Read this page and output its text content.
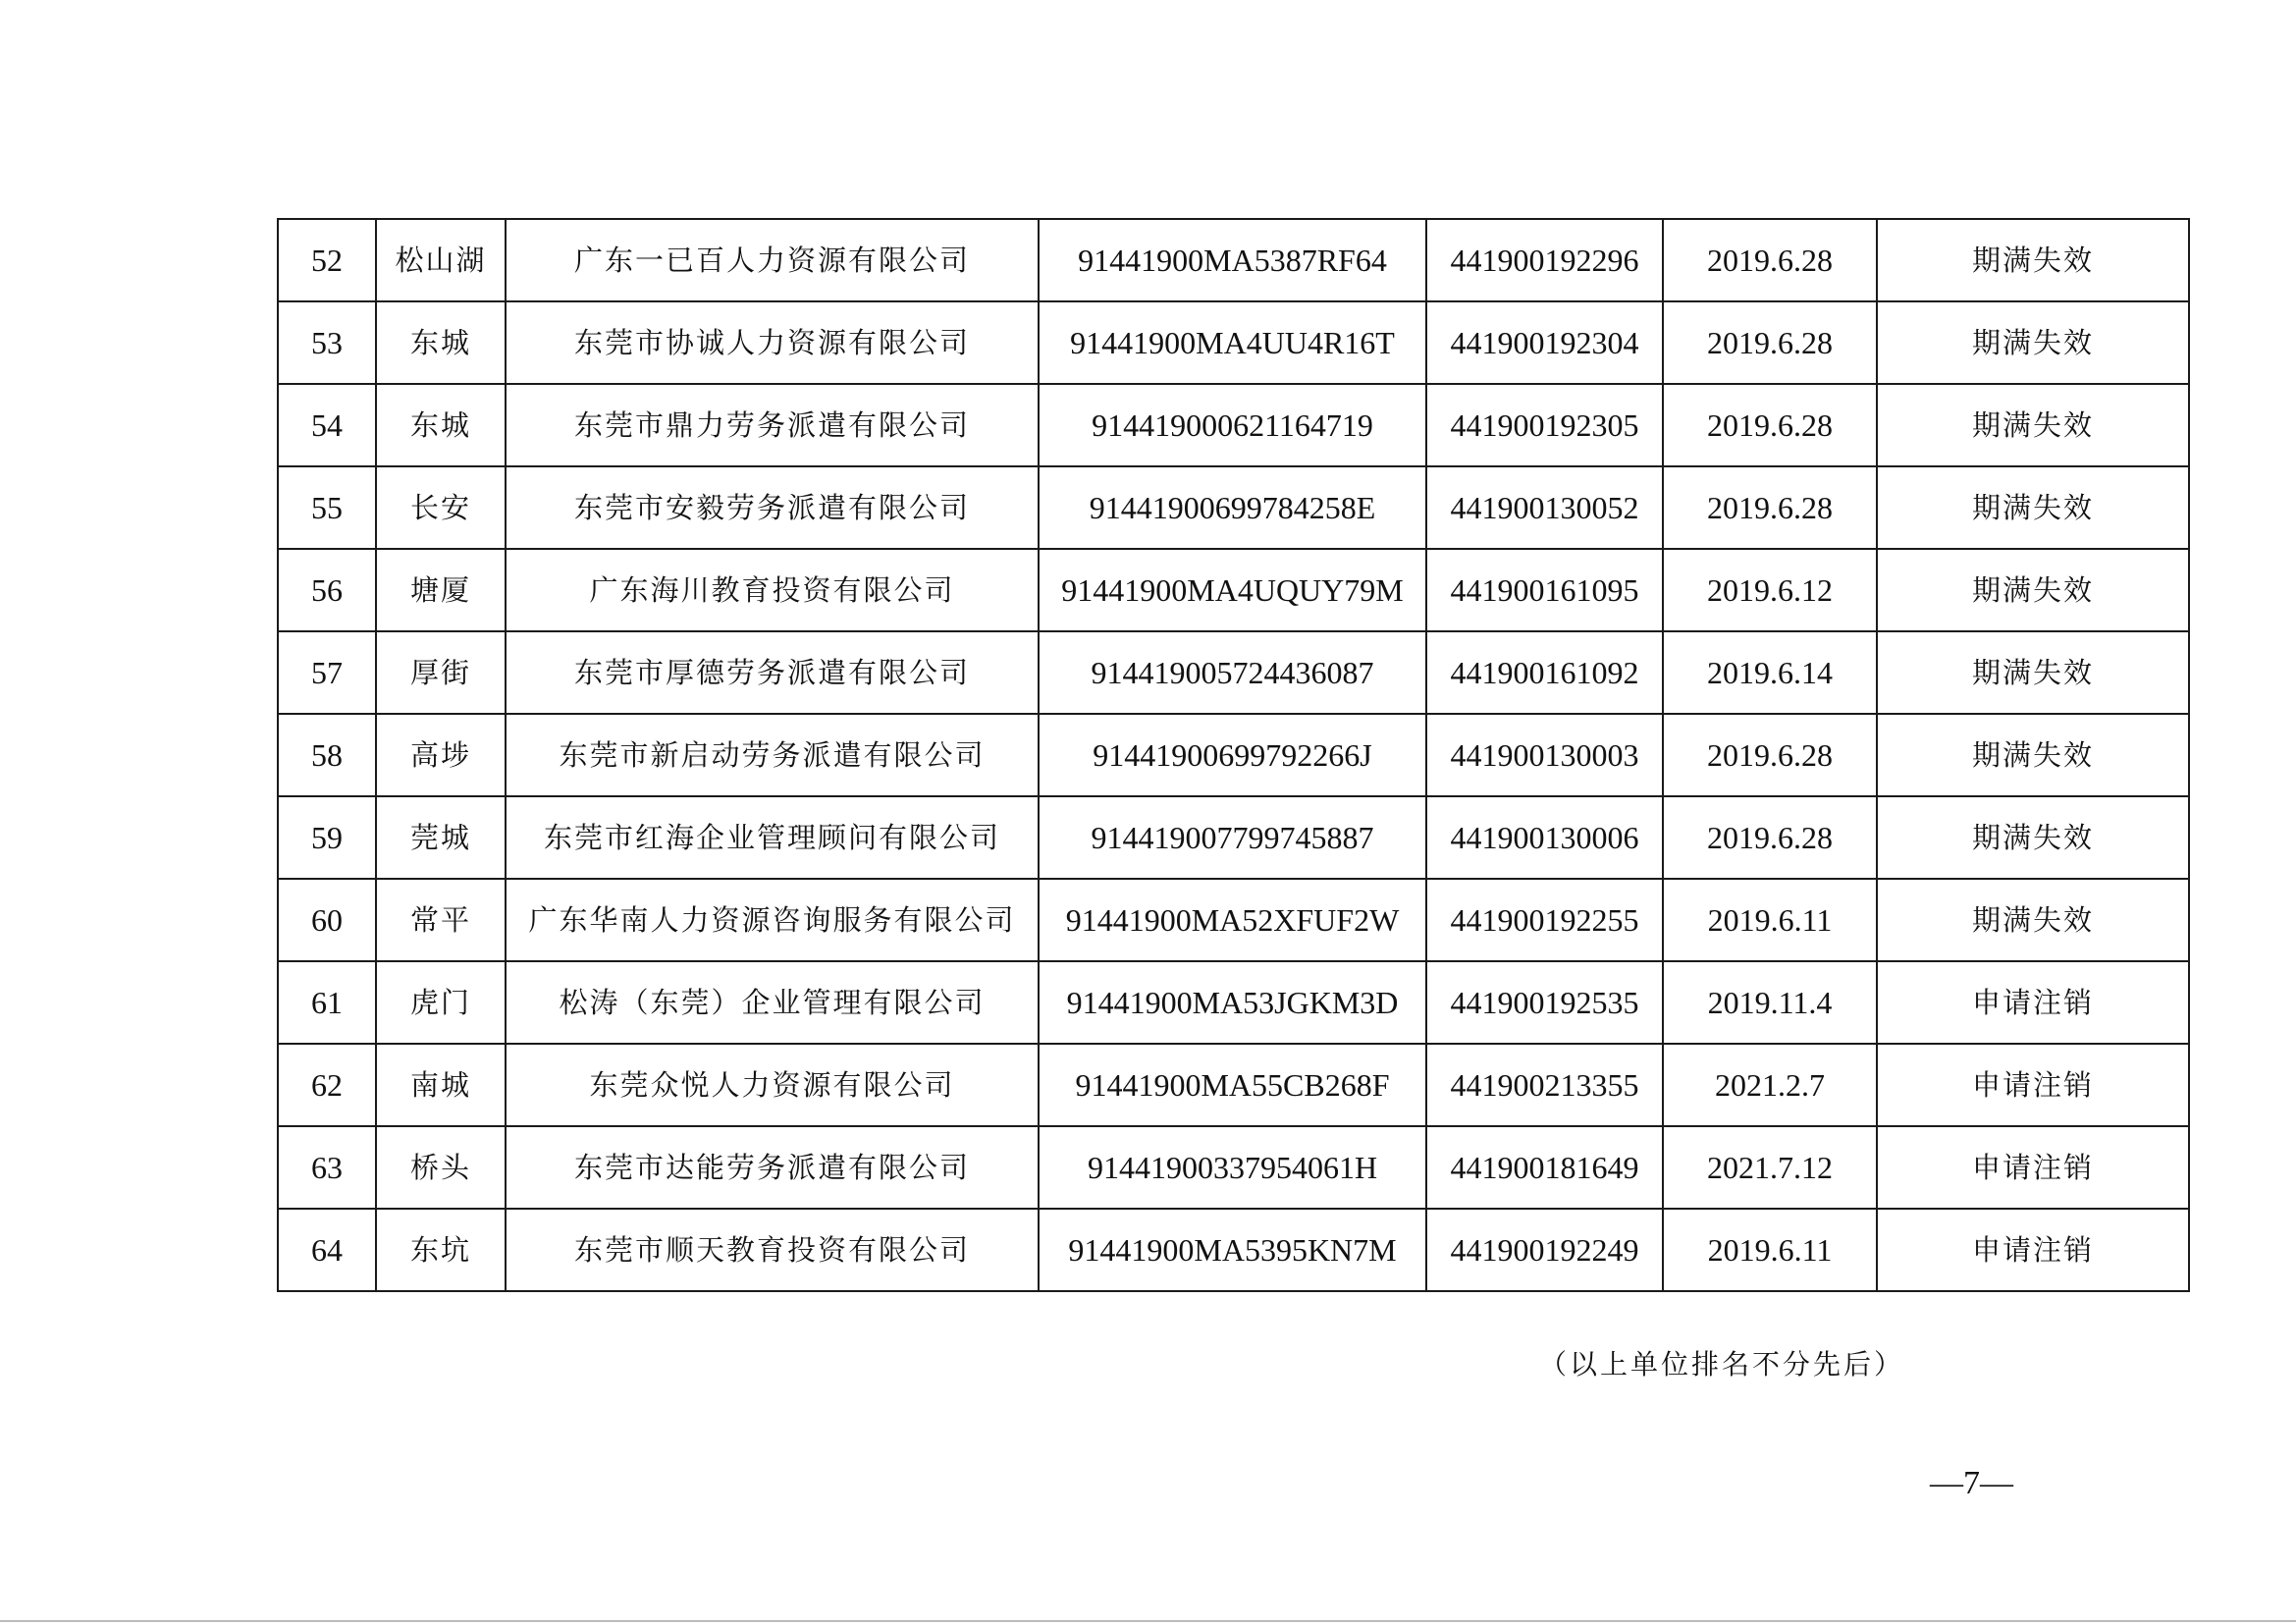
52	松山湖	广东一已百人力资源有限公司	91441900MA5387RF64	441900192296	2019.6.28	期满失效
53	东城	东莞市协诚人力资源有限公司	91441900MA4UU4R16T	441900192304	2019.6.28	期满失效
54	东城	东莞市鼎力劳务派遣有限公司	914419000621164719	441900192305	2019.6.28	期满失效
55	长安	东莞市安毅劳务派遣有限公司	91441900699784258E	441900130052	2019.6.28	期满失效
56	塘厦	广东海川教育投资有限公司	91441900MA4UQUY79M	441900161095	2019.6.12	期满失效
57	厚街	东莞市厚德劳务派遣有限公司	914419005724436087	441900161092	2019.6.14	期满失效
58	高埗	东莞市新启动劳务派遣有限公司	91441900699792266J	441900130003	2019.6.28	期满失效
59	莞城	东莞市红海企业管理顾问有限公司	914419007799745887	441900130006	2019.6.28	期满失效
60	常平	广东华南人力资源咨询服务有限公司	91441900MA52XFUF2W	441900192255	2019.6.11	期满失效
61	虎门	松涛（东莞）企业管理有限公司	91441900MA53JGKM3D	441900192535	2019.11.4	申请注销
62	南城	东莞众悦人力资源有限公司	91441900MA55CB268F	441900213355	2021.2.7	申请注销
63	桥头	东莞市达能劳务派遣有限公司	91441900337954061H	441900181649	2021.7.12	申请注销
64	东坑	东莞市顺天教育投资有限公司	91441900MA5395KN7M	441900192249	2019.6.11	申请注销
（以上单位排名不分先后）
—7—
